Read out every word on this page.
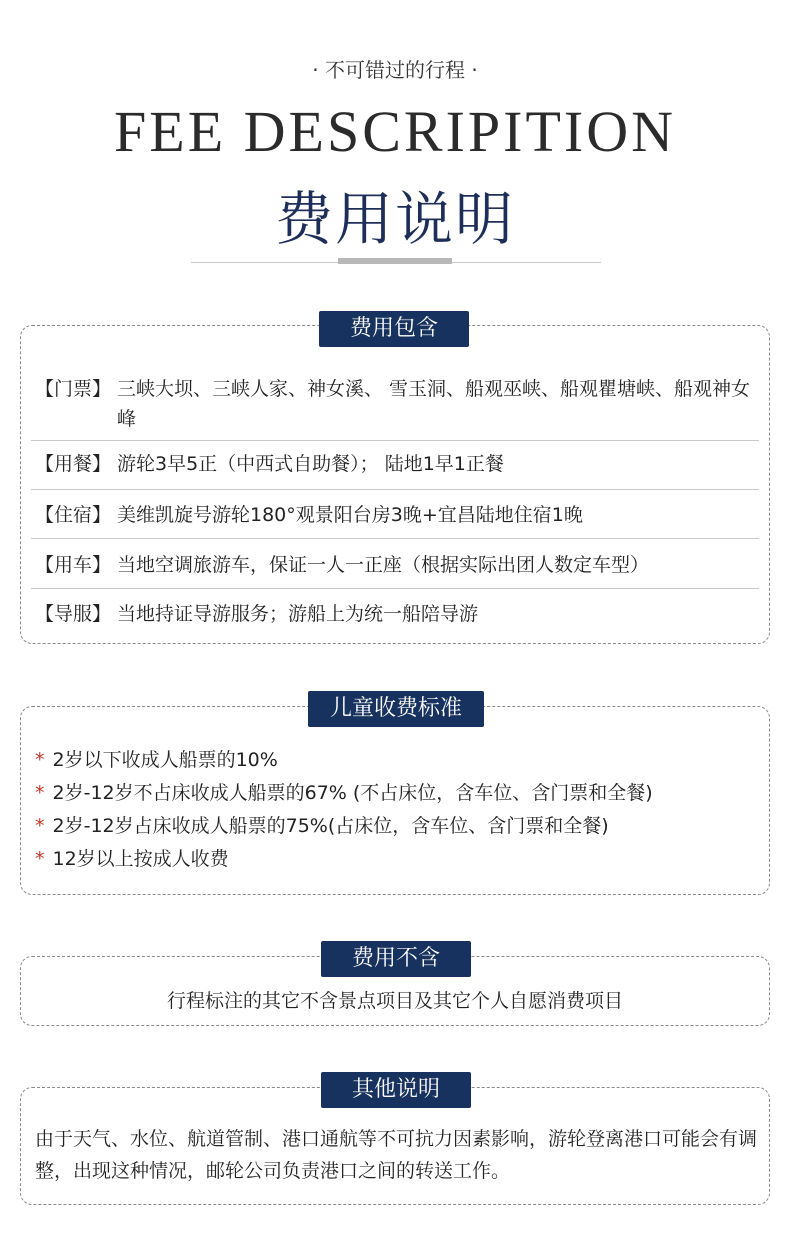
· 不可错过的行程 ·
FEE DESCRIPITION
费用说明
费用包含
【门票】 三峡大坝、三峡人家、神女溪、 雪玉洞、船观巫峡、船观瞿塘峡、船观神女峰
【用餐】 游轮3早5正（中西式自助餐）； 陆地1早1正餐
【住宿】 美维凯旋号游轮180°观景阳台房3晚+宜昌陆地住宿1晚
【用车】 当地空调旅游车，保证一人一正座（根据实际出团人数定车型）
【导服】 当地持证导游服务；游船上为统一船陪导游
儿童收费标准
* 2岁以下收成人船票的10%
* 2岁-12岁不占床收成人船票的67% (不占床位，含车位、含门票和全餐)
* 2岁-12岁占床收成人船票的75%(占床位，含车位、含门票和全餐)
* 12岁以上按成人收费
费用不含
行程标注的其它不含景点项目及其它个人自愿消费项目
其他说明
由于天气、水位、航道管制、港口通航等不可抗力因素影响，游轮登离港口可能会有调整，出现这种情况，邮轮公司负责港口之间的转送工作。
